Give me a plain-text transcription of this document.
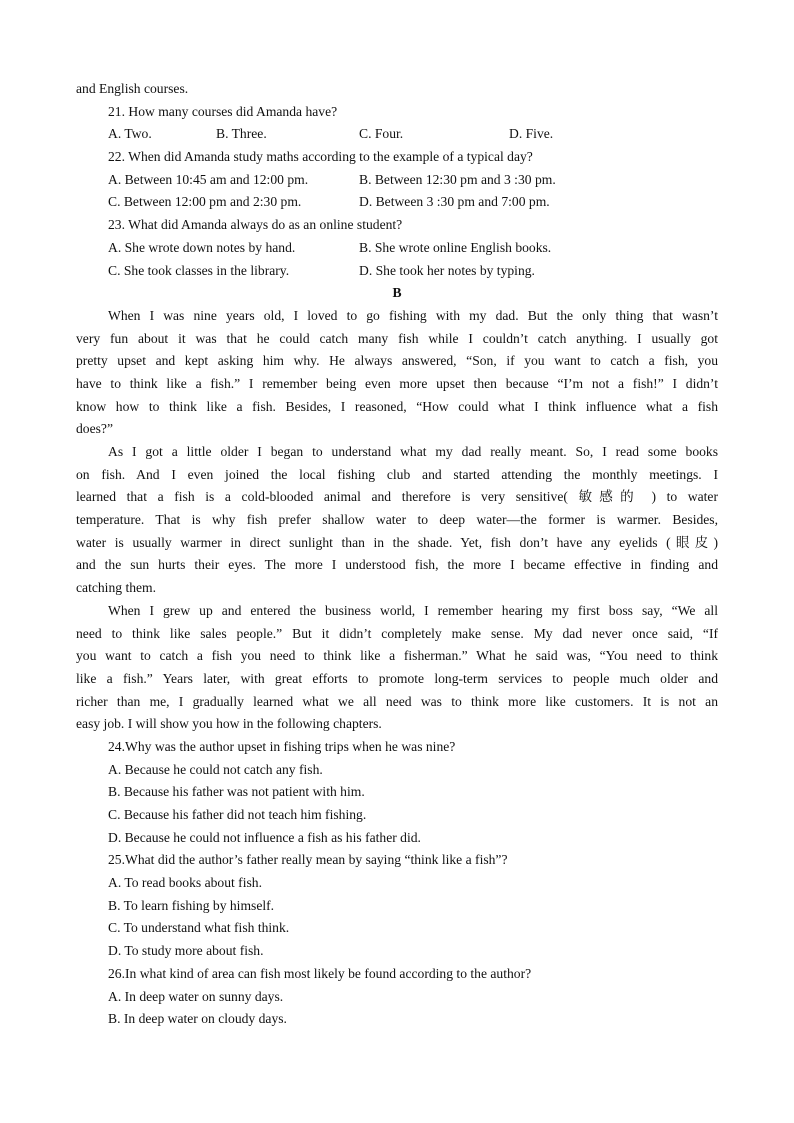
and English courses.
21. How many courses did Amanda have?
A. Two.	B. Three.	C. Four.	D. Five.
22. When did Amanda study maths according to the example of a typical day?
A. Between 10:45 am and 12:00 pm.	B. Between 12:30 pm and 3 :30 pm.
C. Between 12:00 pm and 2:30 pm.	D. Between 3 :30 pm and 7:00 pm.
23. What did Amanda always do as an online student?
A. She wrote down notes by hand.	B. She wrote online English books.
C. She took classes in the library.	D. She took her notes by typing.
B
When I was nine years old, I loved to go fishing with my dad. But the only thing that wasn’t
very fun about it was that he could catch many fish while I couldn’t catch anything. I usually got
pretty upset and kept asking him why. He always answered, “Son, if you want to catch a fish, you
have to think like a fish.” I remember being even more upset then because “I’m not a fish!” I didn’t
know how to think like a fish. Besides, I reasoned, “How could what I think influence what a fish
does?”
As I got a little older I began to understand what my dad really meant. So, I read some books
on fish. And I even joined the local fishing club and started attending the monthly meetings. I
learned that a fish is a cold-blooded animal and therefore is very sensitive( 敏感的 ) to water
temperature. That is why fish prefer shallow water to deep water—the former is warmer. Besides,
water is usually warmer in direct sunlight than in the shade. Yet, fish don’t have any eyelids (眼皮)
and the sun hurts their eyes. The more I understood fish, the more I became effective in finding and
catching them.
When I grew up and entered the business world, I remember hearing my first boss say, “We all
need to think like sales people.” But it didn’t completely make sense. My dad never once said, “If
you want to catch a fish you need to think like a fisherman.” What he said was, “You need to think
like a fish.” Years later, with great efforts to promote long-term services to people much older and
richer than me, I gradually learned what we all need was to think more like customers. It is not an
easy job. I will show you how in the following chapters.
24.Why was the author upset in fishing trips when he was nine?
A. Because he could not catch any fish.
B. Because his father was not patient with him.
C. Because his father did not teach him fishing.
D. Because he could not influence a fish as his father did.
25.What did the author’s father really mean by saying “think like a fish”?
A. To read books about fish.
B. To learn fishing by himself.
C. To understand what fish think.
D. To study more about fish.
26.In what kind of area can fish most likely be found according to the author?
A. In deep water on sunny days.
B. In deep water on cloudy days.
